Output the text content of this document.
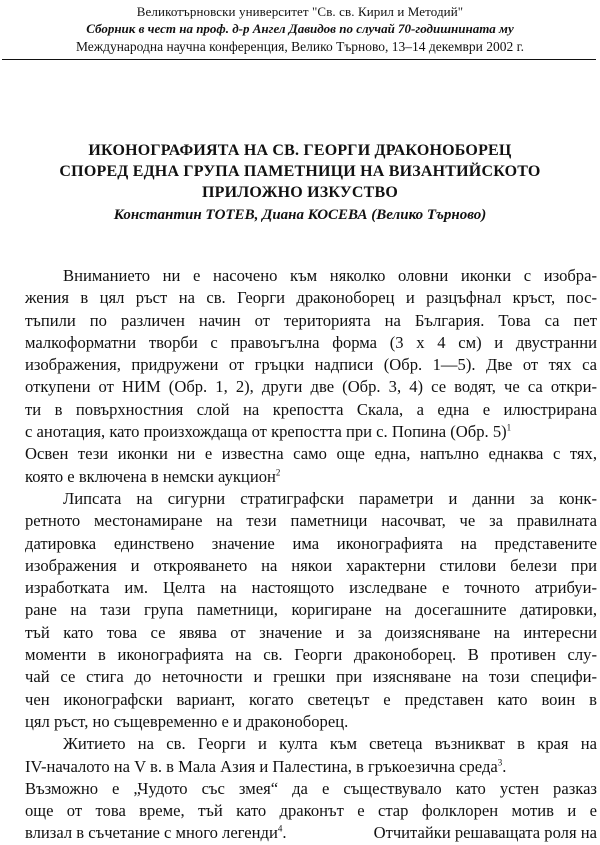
Великотърновски университет "Св. св. Кирил и Методий"
Сборник в чест на проф. д-р Ангел Давидов по случай 70-годишнината му
Международна научна конференция, Велико Търново, 13–14 декември 2002 г.
ИКОНОГРАФИЯТА НА СВ. ГЕОРГИ ДРАКОНОБОРЕЦ
СПОРЕД ЕДНА ГРУПА ПАМЕТНИЦИ НА ВИЗАНТИЙСКОТО
ПРИЛОЖНО ИЗКУСТВО
Константин ТОТЕВ, Диана КОСЕВА (Велико Търново)
Вниманието ни е насочено към няколко оловни иконки с изобра-
жения в цял ръст на св. Георги драконоборец и разцъфнал кръст, пос-
тъпили по различен начин от територията на България. Това са пет
малкоформатни творби с правоъгълна форма (3 х 4 см) и двустранни
изображения, придружени от гръцки надписи (Обр. 1—5). Две от тях са
откупени от НИМ (Обр. 1, 2), други две (Обр. 3, 4) се водят, че са откри-
ти в повърхностния слой на крепостта Скала, а една е илюстрирана
с анотация, като произхождаща от крепостта при с. Попина (Обр. 5)$^1$
Освен тези иконки ни е известна само още една, напълно еднаква с тях,
която е включена в немски аукцион$^2$
Липсата на сигурни стратиграфски параметри и данни за конк-
ретното местонамиране на тези паметници насочват, че за правилната
датировка единствено значение има иконографията на представените
изображения и открояването на някои характерни стилови белези при
изработката им. Целта на настоящото изследване е точното атрибуи-
ране на тази група паметници, коригиране на досегашните датировки,
тъй като това се явява от значение и за доизясняване на интересни
моменти в иконографията на св. Георги драконоборец. В противен слу-
чай се стига до неточности и грешки при изясняване на този специфи-
чен иконографски вариант, когато светецът е представен като воин в
цял ръст, но същевременно е и драконоборец.
Житието на св. Георги и култа към светеца възникват в края на
IV-началото на V в. в Мала Азия и Палестина, в гръкоезична среда$^3$.
Възможно е „Чудото със змея“ да е съществувало като устен разказ
още от това време, тъй като драконът е стар фолклорен мотив и е
влизал в съчетание с много легенди$^4$.	Отчитайки решаващата роля на
